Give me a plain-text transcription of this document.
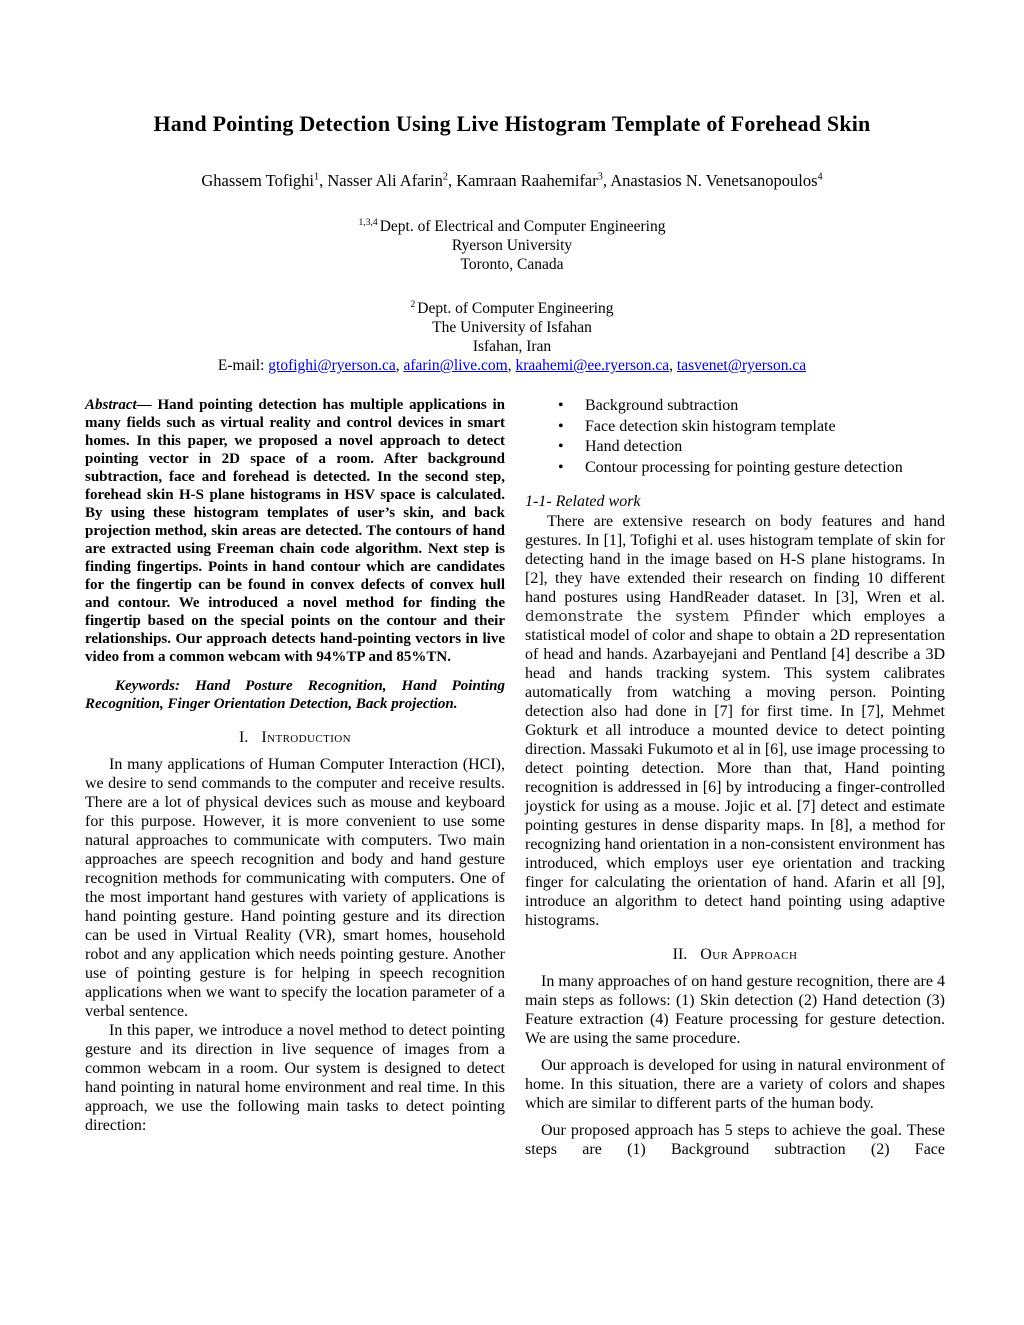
Hand Pointing Detection Using Live Histogram Template of Forehead Skin
Ghassem Tofighi$^1$, Nasser Ali Afarin$^2$, Kamraan Raahemifar$^3$, Anastasios N. Venetsanopoulos$^4$
$^{1,3,4}$ Dept. of Electrical and Computer Engineering
Ryerson University
Toronto, Canada
$^2$ Dept. of Computer Engineering
The University of Isfahan
Isfahan, Iran
E-mail: gtofighi@ryerson.ca, afarin@live.com, kraahemi@ee.ryerson.ca, tasvenet@ryerson.ca

Abstract— Hand pointing detection has multiple applications in many fields such as virtual reality and control devices in smart homes. In this paper, we proposed a novel approach to detect pointing vector in 2D space of a room. After background subtraction, face and forehead is detected. In the second step, forehead skin H-S plane histograms in HSV space is calculated. By using these histogram templates of user’s skin, and back projection method, skin areas are detected. The contours of hand are extracted using Freeman chain code algorithm. Next step is finding fingertips. Points in hand contour which are candidates for the fingertip can be found in convex defects of convex hull and contour. We introduced a novel method for finding the fingertip based on the special points on the contour and their relationships. Our approach detects hand-pointing vectors in live video from a common webcam with 94%TP and 85%TN.

Keywords: Hand Posture Recognition, Hand Pointing Recognition, Finger Orientation Detection, Back projection.

I. Introduction

In many applications of Human Computer Interaction (HCI), we desire to send commands to the computer and receive results. There are a lot of physical devices such as mouse and keyboard for this purpose. However, it is more convenient to use some natural approaches to communicate with computers. Two main approaches are speech recognition and body and hand gesture recognition methods for communicating with computers. One of the most important hand gestures with variety of applications is hand pointing gesture. Hand pointing gesture and its direction can be used in Virtual Reality (VR), smart homes, household robot and any application which needs pointing gesture. Another use of pointing gesture is for helping in speech recognition applications when we want to specify the location parameter of a verbal sentence.

In this paper, we introduce a novel method to detect pointing gesture and its direction in live sequence of images from a common webcam in a room. Our system is designed to detect hand pointing in natural home environment and real time. In this approach, we use the following main tasks to detect pointing direction:

•	Background subtraction
•	Face detection skin histogram template
•	Hand detection
•	Contour processing for pointing gesture detection
1-1- Related work

There are extensive research on body features and hand gestures. In [1], Tofighi et al. uses histogram template of skin for detecting hand in the image based on H-S plane histograms. In [2], they have extended their research on finding 10 different hand postures using HandReader dataset. In [3], Wren et al. demonstrate the system Pfinder which employes a statistical model of color and shape to obtain a 2D representation of head and hands. Azarbayejani and Pentland [4] describe a 3D head and hands tracking system. This system calibrates automatically from watching a moving person. Pointing detection also had done in [7] for first time. In [7], Mehmet Gokturk et all introduce a mounted device to detect pointing direction. Massaki Fukumoto et al in [6], use image processing to detect pointing detection. More than that, Hand pointing recognition is addressed in [6] by introducing a finger-controlled joystick for using as a mouse. Jojic et al. [7] detect and estimate pointing gestures in dense disparity maps. In [8], a method for recognizing hand orientation in a non-consistent environment has introduced, which employs user eye orientation and tracking finger for calculating the orientation of hand. Afarin et all [9], introduce an algorithm to detect hand pointing using adaptive histograms.

II. Our Approach

In many approaches of on hand gesture recognition, there are 4 main steps as follows: (1) Skin detection (2) Hand detection (3) Feature extraction (4) Feature processing for gesture detection. We are using the same procedure.

Our approach is developed for using in natural environment of home. In this situation, there are a variety of colors and shapes which are similar to different parts of the human body.

Our proposed approach has 5 steps to achieve the goal. These steps are (1) Background subtraction (2) Face
